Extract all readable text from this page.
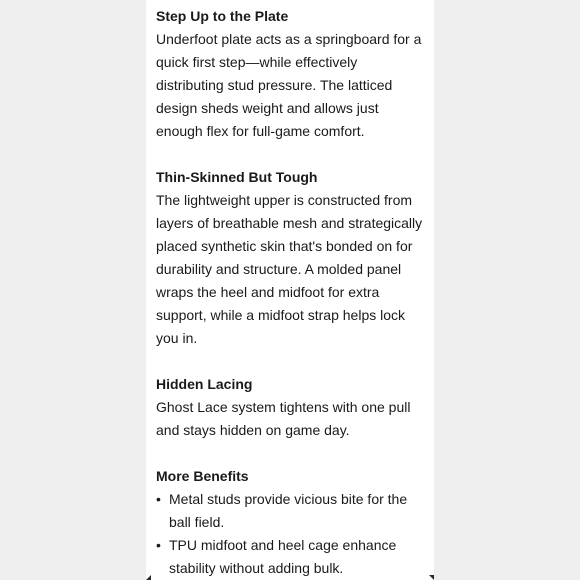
Step Up to the Plate

Underfoot plate acts as a springboard for a quick first step—while effectively distributing stud pressure. The latticed design sheds weight and allows just enough flex for full-game comfort.

Thin-Skinned But Tough

The lightweight upper is constructed from layers of breathable mesh and strategically placed synthetic skin that's bonded on for durability and structure. A molded panel wraps the heel and midfoot for extra support, while a midfoot strap helps lock you in.

Hidden Lacing

Ghost Lace system tightens with one pull and stays hidden on game day.

More Benefits

• Metal studs provide vicious bite for the ball field.
• TPU midfoot and heel cage enhance stability without adding bulk.
